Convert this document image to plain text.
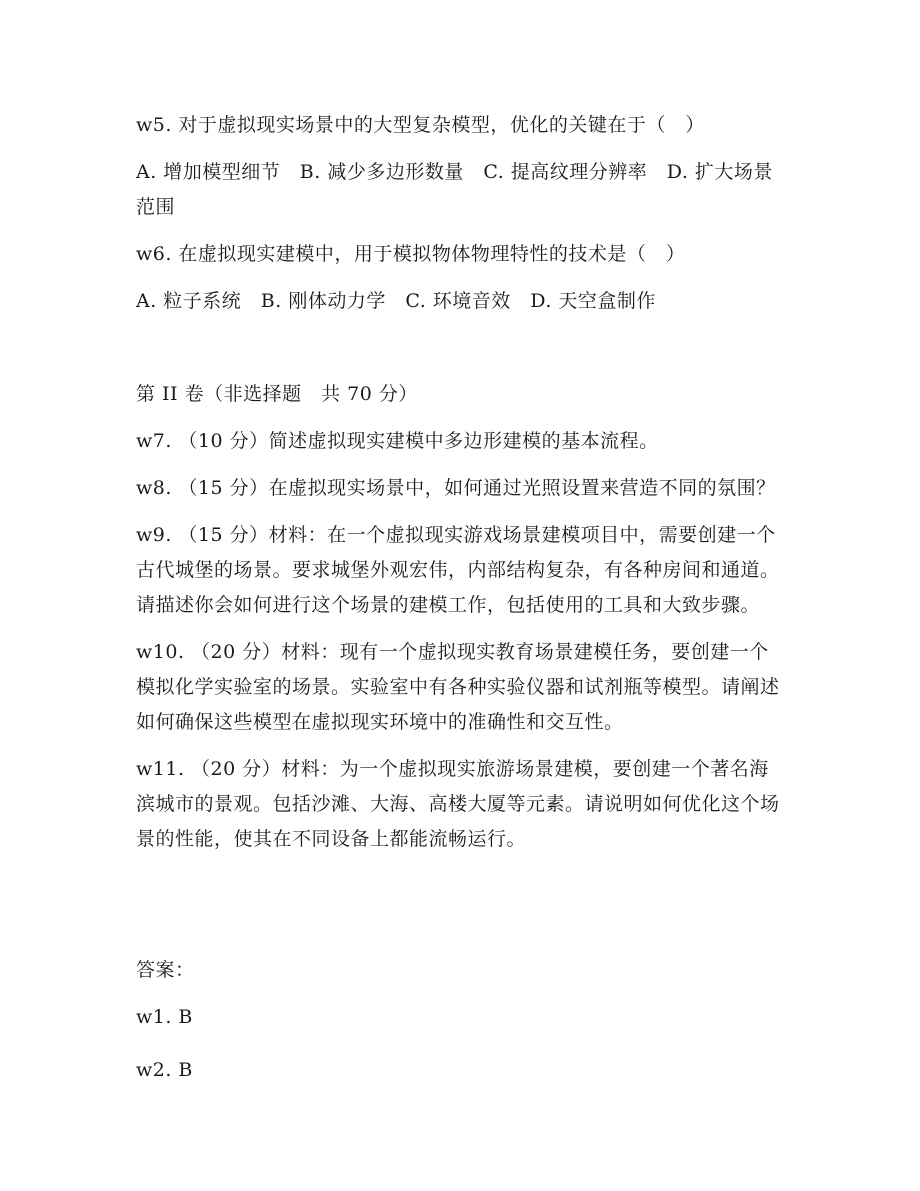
w5. 对于虚拟现实场景中的大型复杂模型，优化的关键在于（　）

A. 增加模型细节　B. 减少多边形数量　C. 提高纹理分辨率　D. 扩大场景范围

w6. 在虚拟现实建模中，用于模拟物体物理特性的技术是（　）

A. 粒子系统　B. 刚体动力学　C. 环境音效　D. 天空盒制作

第 II 卷（非选择题　共 70 分）

w7. （10 分）简述虚拟现实建模中多边形建模的基本流程。

w8. （15 分）在虚拟现实场景中，如何通过光照设置来营造不同的氛围？

w9. （15 分）材料：在一个虚拟现实游戏场景建模项目中，需要创建一个古代城堡的场景。要求城堡外观宏伟，内部结构复杂，有各种房间和通道。请描述你会如何进行这个场景的建模工作，包括使用的工具和大致步骤。

w10. （20 分）材料：现有一个虚拟现实教育场景建模任务，要创建一个模拟化学实验室的场景。实验室中有各种实验仪器和试剂瓶等模型。请阐述如何确保这些模型在虚拟现实环境中的准确性和交互性。

w11. （20 分）材料：为一个虚拟现实旅游场景建模，要创建一个著名海滨城市的景观。包括沙滩、大海、高楼大厦等元素。请说明如何优化这个场景的性能，使其在不同设备上都能流畅运行。

答案：

w1. B

w2. B
